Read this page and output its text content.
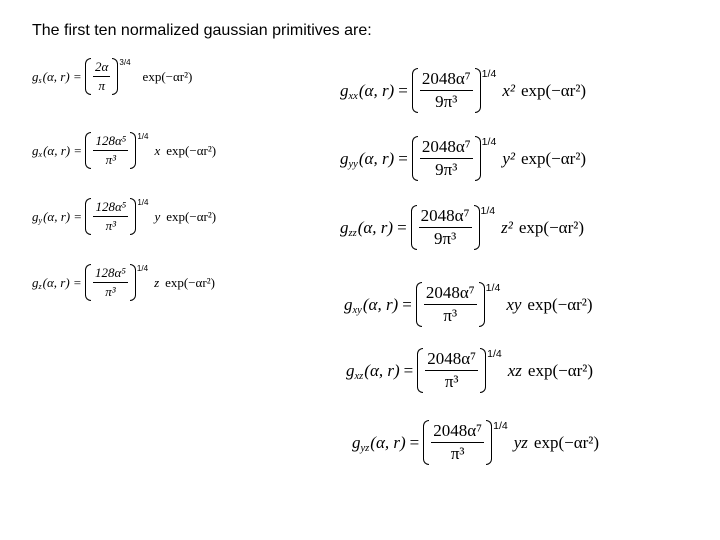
The first ten normalized gaussian primitives are:

g s (α, $r) = \frac{2\alpha}{\pi} 3/4$
exp(−αr²)
g x (α, $r) = \frac{\text{128α⁵}}{\text{π³}} 1/4$
x exp(−αr²)
g y (α, $r) = \frac{\text{128α⁵}}{\text{π³}} 1/4$
y exp(−αr²)
g z (α, $r) = \frac{\text{128α⁵}}{\text{π³}} 1/4$
z exp(−αr²)
g xx (α, $r) = \frac{\text{2048α⁷}}{\text{9π³}} 1/4$
x² exp(−αr²)
g yy (α, $r) = \frac{\text{2048α⁷}}{\text{9π³}} 1/4$
y² exp(−αr²)
g zz (α, $r) = \frac{\text{2048α⁷}}{\text{9π³}} 1/4$
z² exp(−αr²)
g xy (α, $r) = \frac{\text{2048α⁷}}{\text{π³}} 1/4$
xy exp(−αr²)
g xz (α, $r) = \frac{\text{2048α⁷}}{\text{π³}} 1/4$
xz exp(−αr²)
g yz (α, $r) = \frac{\text{2048α⁷}}{\text{π³}} 1/4$
yz exp(−αr²)
